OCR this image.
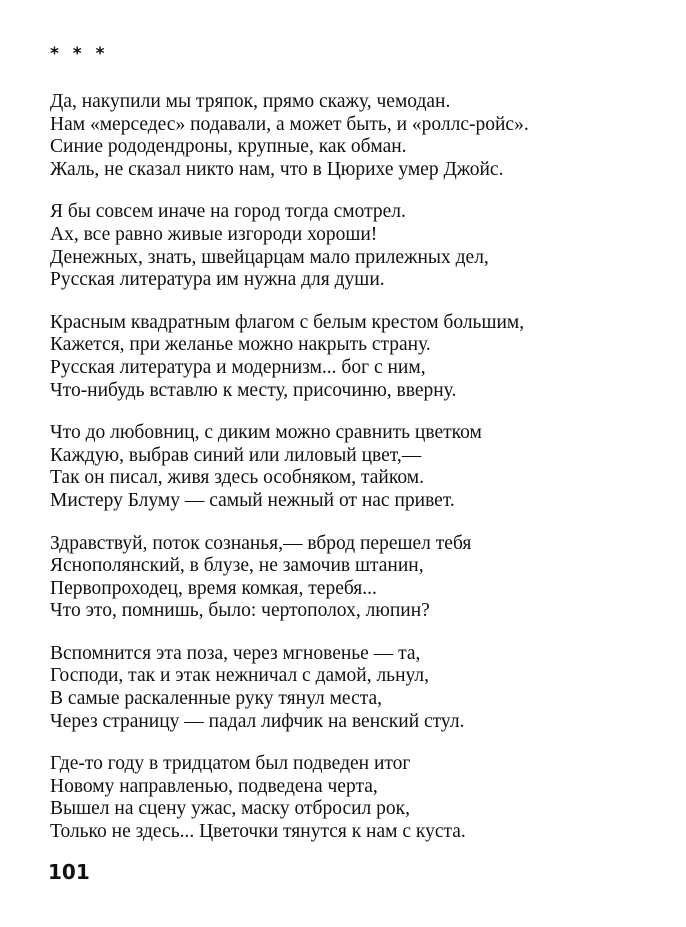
* * *
Да, накупили мы тряпок, прямо скажу, чемодан.
Нам «мерседес» подавали, а может быть, и «роллс-ройс».
Синие рододендроны, крупные, как обман.
Жаль, не сказал никто нам, что в Цюрихе умер Джойс.
Я бы совсем иначе на город тогда смотрел.
Ах, все равно живые изгороди хороши!
Денежных, знать, швейцарцам мало прилежных дел,
Русская литература им нужна для души.
Красным квадратным флагом с белым крестом большим,
Кажется, при желанье можно накрыть страну.
Русская литература и модернизм... бог с ним,
Что-нибудь вставлю к месту, присочиню, вверну.
Что до любовниц, с диким можно сравнить цветком
Каждую, выбрав синий или лиловый цвет,—
Так он писал, живя здесь особняком, тайком.
Мистеру Блуму — самый нежный от нас привет.
Здравствуй, поток сознанья,— вброд перешел тебя
Яснополянский, в блузе, не замочив штанин,
Первопроходец, время комкая, теребя...
Что это, помнишь, было: чертополох, люпин?
Вспомнится эта поза, через мгновенье — та,
Господи, так и этак нежничал с дамой, льнул,
В самые раскаленные руку тянул места,
Через страницу — падал лифчик на венский стул.
Где-то году в тридцатом был подведен итог
Новому направленью, подведена черта,
Вышел на сцену ужас, маску отбросил рок,
Только не здесь... Цветочки тянутся к нам с куста.
101
